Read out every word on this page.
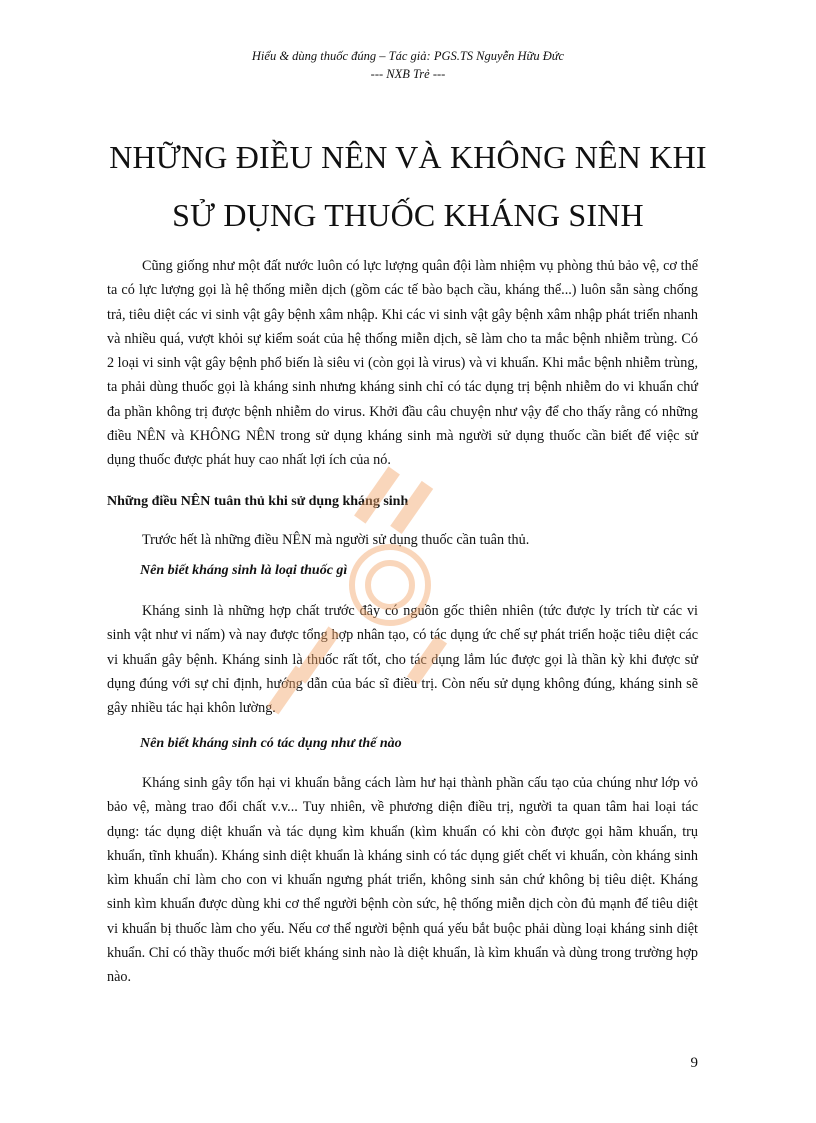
Hiểu & dùng thuốc đúng – Tác giả: PGS.TS Nguyễn Hữu Đức
--- NXB Trẻ ---
NHỮNG ĐIỀU NÊN VÀ KHÔNG NÊN KHI
SỬ DỤNG THUỐC KHÁNG SINH

Cũng giống như một đất nước luôn có lực lượng quân đội làm nhiệm vụ phòng thủ bảo vệ, cơ thể ta có lực lượng gọi là hệ thống miễn dịch (gồm các tế bào bạch cầu, kháng thể...) luôn sẵn sàng chống trả, tiêu diệt các vi sinh vật gây bệnh xâm nhập. Khi các vi sinh vật gây bệnh xâm nhập phát triển nhanh và nhiều quá, vượt khỏi sự kiểm soát của hệ thống miễn dịch, sẽ làm cho ta mắc bệnh nhiễm trùng. Có 2 loại vi sinh vật gây bệnh phổ biến là siêu vi (còn gọi là virus) và vi khuẩn. Khi mắc bệnh nhiễm trùng, ta phải dùng thuốc gọi là kháng sinh nhưng kháng sinh chỉ có tác dụng trị bệnh nhiễm do vi khuẩn chứ đa phần không trị được bệnh nhiễm do virus. Khởi đầu câu chuyện như vậy để cho thấy rằng có những điều NÊN và KHÔNG NÊN trong sử dụng kháng sinh mà người sử dụng thuốc cần biết để việc sử dụng thuốc được phát huy cao nhất lợi ích của nó.

Những điều NÊN tuân thủ khi sử dụng kháng sinh

Trước hết là những điều NÊN mà người sử dụng thuốc cần tuân thủ.

Nên biết kháng sinh là loại thuốc gì

Kháng sinh là những hợp chất trước đây có nguồn gốc thiên nhiên (tức được ly trích từ các vi sinh vật như vi nấm) và nay được tổng hợp nhân tạo, có tác dụng ức chế sự phát triển hoặc tiêu diệt các vi khuẩn gây bệnh. Kháng sinh là thuốc rất tốt, cho tác dụng lắm lúc được gọi là thần kỳ khi được sử dụng đúng với sự chỉ định, hướng dẫn của bác sĩ điều trị. Còn nếu sử dụng không đúng, kháng sinh sẽ gây nhiều tác hại khôn lường.

Nên biết kháng sinh có tác dụng như thế nào

Kháng sinh gây tổn hại vi khuẩn bằng cách làm hư hại thành phần cấu tạo của chúng như lớp vỏ bảo vệ, màng trao đổi chất v.v... Tuy nhiên, về phương diện điều trị, người ta quan tâm hai loại tác dụng: tác dụng diệt khuẩn và tác dụng kìm khuẩn (kìm khuẩn có khi còn được gọi hãm khuẩn, trụ khuẩn, tĩnh khuẩn). Kháng sinh diệt khuẩn là kháng sinh có tác dụng giết chết vi khuẩn, còn kháng sinh kìm khuẩn chỉ làm cho con vi khuẩn ngưng phát triển, không sinh sản chứ không bị tiêu diệt. Kháng sinh kìm khuẩn được dùng khi cơ thể người bệnh còn sức, hệ thống miễn dịch còn đủ mạnh để tiêu diệt vi khuẩn bị thuốc làm cho yếu. Nếu cơ thể người bệnh quá yếu bắt buộc phải dùng loại kháng sinh diệt khuẩn. Chỉ có thầy thuốc mới biết kháng sinh nào là diệt khuẩn, là kìm khuẩn và dùng trong trường hợp nào.

9
